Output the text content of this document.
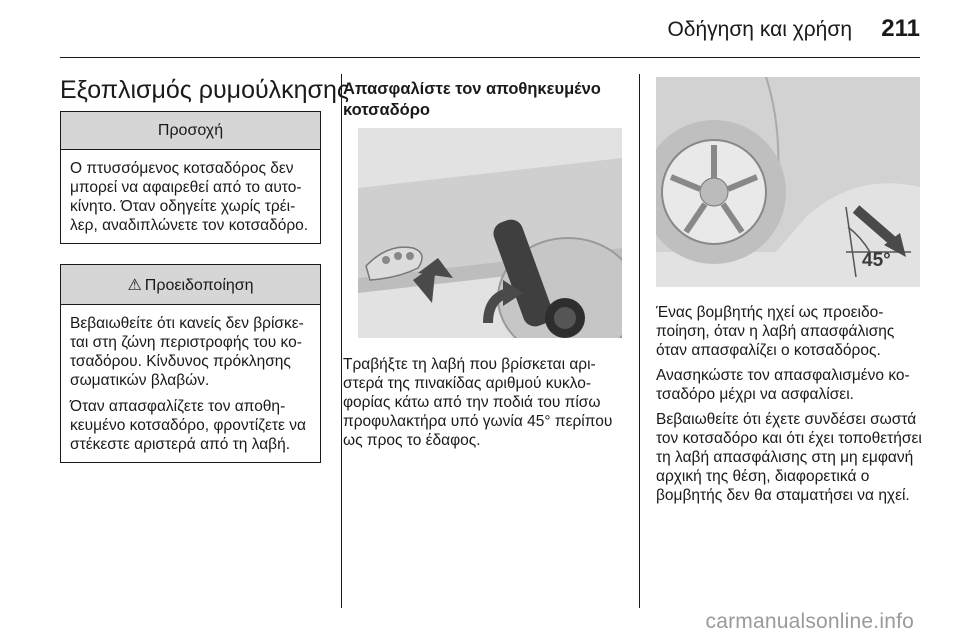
Οδήγηση και χρήση 211
Εξοπλισμός ρυμούλκησης
Προσοχή

Ο πτυσσόμενος κοτσαδόρος δεν μπορεί να αφαιρεθεί από το αυτοκίνητο. Όταν οδηγείτε χωρίς τρέιλερ, αναδιπλώνετε τον κοτσαδόρο.

⚠ Προειδοποίηση

Βεβαιωθείτε ότι κανείς δεν βρίσκεται στη ζώνη περιστροφής του κοτσαδόρου. Κίνδυνος πρόκλησης σωματικών βλαβών.

Όταν απασφαλίζετε τον αποθηκευμένο κοτσαδόρο, φροντίζετε να στέκεστε αριστερά από τη λαβή.

Απασφαλίστε τον αποθηκευμένο κοτσαδόρο

Τραβήξτε τη λαβή που βρίσκεται αριστερά της πινακίδας αριθμού κυκλοφορίας κάτω από την ποδιά του πίσω προφυλακτήρα υπό γωνία 45° περίπου ως προς το έδαφος.

45°

Ένας βομβητής ηχεί ως προειδοποίηση, όταν η λαβή απασφάλισης όταν απασφαλίζει ο κοτσαδόρος.

Ανασηκώστε τον απασφαλισμένο κοτσαδόρο μέχρι να ασφαλίσει.

Βεβαιωθείτε ότι έχετε συνδέσει σωστά τον κοτσαδόρο και ότι έχει τοποθετήσει τη λαβή απασφάλισης στη μη εμφανή αρχική της θέση, διαφορετικά ο βομβητής δεν θα σταματήσει να ηχεί.

carmanualsonline.info
